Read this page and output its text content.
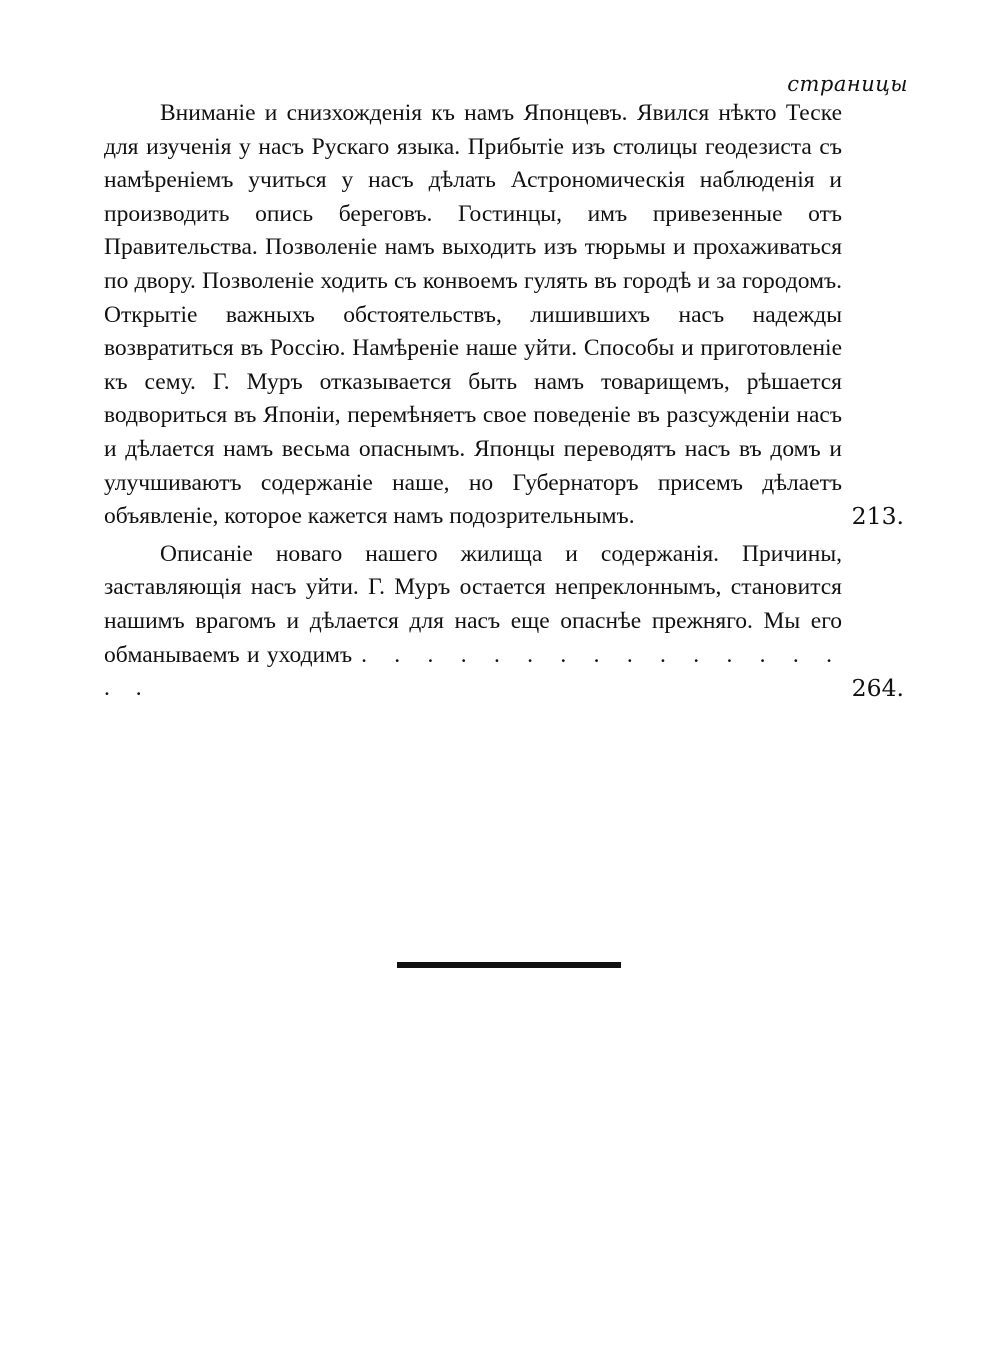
страницы
Вниманіе и снизхожденія къ намъ Японцевъ. Явился нѣкто Теске для изученія у насъ Рускаго языка. Прибытіе изъ столицы геодезиста съ намѣреніемъ учиться у насъ дѣлать Астрономическія наблюденія и производить опись береговъ. Гостинцы, имъ привезенные отъ Правительства. Позволеніе намъ выходить изъ тюрьмы и прохаживаться по двору. Позволеніе ходить съ конвоемъ гулять въ городѣ и за городомъ. Открытіе важныхъ обстоятельствъ, лишившихъ насъ надежды возвратиться въ Россію. Намѣреніе наше уйти. Способы и приготовленіе къ сему. Г. Муръ отказывается быть намъ товарищемъ, рѣшается водвориться въ Японіи, перемѣняетъ свое поведеніе въ разсужденіи насъ и дѣлается намъ весьма опаснымъ. Японцы переводятъ насъ въ домъ и улучшиваютъ содержаніе наше, но Губернаторъ присемъ дѣлаетъ объявленіе, которое кажется намъ подозрительнымъ.	213.
Описаніе новаго нашего жилища и содержанія. Причины, заставляющія насъ уйти. Г. Муръ остается непреклоннымъ, становится нашимъ врагомъ и дѣлается для насъ еще опаснѣе прежняго. Мы его обманываемъ и уходимъ . . . . . . . . . . . . . . . . .	264.
